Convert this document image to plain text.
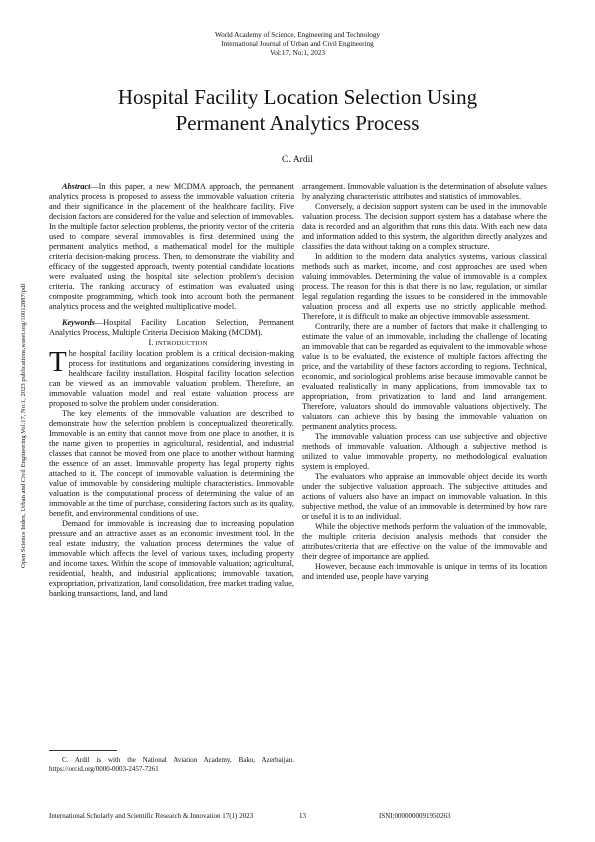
World Academy of Science, Engineering and Technology
International Journal of Urban and Civil Engineering
Vol:17, No:1, 2023
Hospital Facility Location Selection Using
Permanent Analytics Process
C. Ardil
Open Science Index, Urban and Civil Engineering Vol:17, No:1, 2023 publications.waset.org/10012887/pdf

Abstract—In this paper, a new MCDMA approach, the permanent analytics process is proposed to assess the immovable valuation criteria and their significance in the placement of the healthcare facility. Five decision factors are considered for the value and selection of immovables. In the multiple factor selection problems, the priority vector of the criteria used to compare several immovables is first determined using the permanent analytics method, a mathematical model for the multiple criteria decision-making process. Then, to demonstrate the viability and efficacy of the suggested approach, twenty potential candidate locations were evaluated using the hospital site selection problem's decision criteria. The ranking accuracy of estimation was evaluated using composite programming, which took into account both the permanent analytics process and the weighted multiplicative model.

Keywords—Hospital Facility Location Selection, Permanent Analytics Process, Multiple Criteria Decision Making (MCDM).

I. INTRODUCTION

The hospital facility location problem is a critical decision-making process for institutions and organizations considering investing in healthcare facility installation. Hospital facility location selection can be viewed as an immovable valuation problem. Therefore, an immovable valuation model and real estate valuation process are proposed to solve the problem under consideration.

The key elements of the immovable valuation are described to demonstrate how the selection problem is conceptualized theoretically. Immovable is an entity that cannot move from one place to another, it is the name given to properties in agricultural, residential, and industrial classes that cannot be moved from one place to another without harming the essence of an asset. Immovable property has legal property rights attached to it. The concept of immovable valuation is determining the value of immovable by considering multiple characteristics. Immovable valuation is the computational process of determining the value of an immovable at the time of purchase, considering factors such as its quality, benefit, and environmental conditions of use.

Demand for immovable is increasing due to increasing population pressure and an attractive asset as an economic investment tool. In the real estate industry, the valuation process determines the value of immovable which affects the level of various taxes, including property and income taxes. Within the scope of immovable valuation; agricultural, residential, health, and industrial applications; immovable taxation, expropriation, privatization, land consolidation, free market trading value, banking transactions, land, and land

arrangement. Immovable valuation is the determination of absolute values by analyzing characteristic attributes and statistics of immovables.

Conversely, a decision support system can be used in the immovable valuation process. The decision support system has a database where the data is recorded and an algorithm that runs this data. With each new data and information added to this system, the algorithm directly analyzes and classifies the data without taking on a complex structure.

In addition to the modern data analytics systems, various classical methods such as market, income, and cost approaches are used when valuing immovables. Determining the value of immovable is a complex process. The reason for this is that there is no law, regulation, or similar legal regulation regarding the issues to be considered in the immovable valuation process and all experts use no strictly applicable method. Therefore, it is difficult to make an objective immovable assessment.

Contrarily, there are a number of factors that make it challenging to estimate the value of an immovable, including the challenge of locating an immovable that can be regarded as equivalent to the immovable whose value is to be evaluated, the existence of multiple factors affecting the price, and the variability of these factors according to regions. Technical, economic, and sociological problems arise because immovable cannot be evaluated realistically in many applications, from immovable tax to appropriation, from privatization to land and land arrangement. Therefore, valuators should do immovable valuations objectively. The valuators can achieve this by basing the immovable valuation on permanent analytics process.

The immovable valuation process can use subjective and objective methods of immovable valuation. Although a subjective method is utilized to value immovable property, no methodological evaluation system is employed.

The evaluators who appraise an immovable object decide its worth under the subjective valuation approach. The subjective attitudes and actions of valuers also have an impact on immovable valuation. In this subjective method, the value of an immovable is determined by how rare or useful it is to an individual.

While the objective methods perform the valuation of the immovable, the multiple criteria decision analysis methods that consider the attributes/criteria that are effective on the value of the immovable and their degree of importance are applied.

However, because each immovable is unique in terms of its location and intended use, people have varying

C. Ardil is with the National Aviation Academy, Baku, Azerbaijan. https://orcid.org/0000-0003-2457-7261
International Scholarly and Scientific Research & Innovation 17(1) 2023	13	ISNI:0000000091950263
